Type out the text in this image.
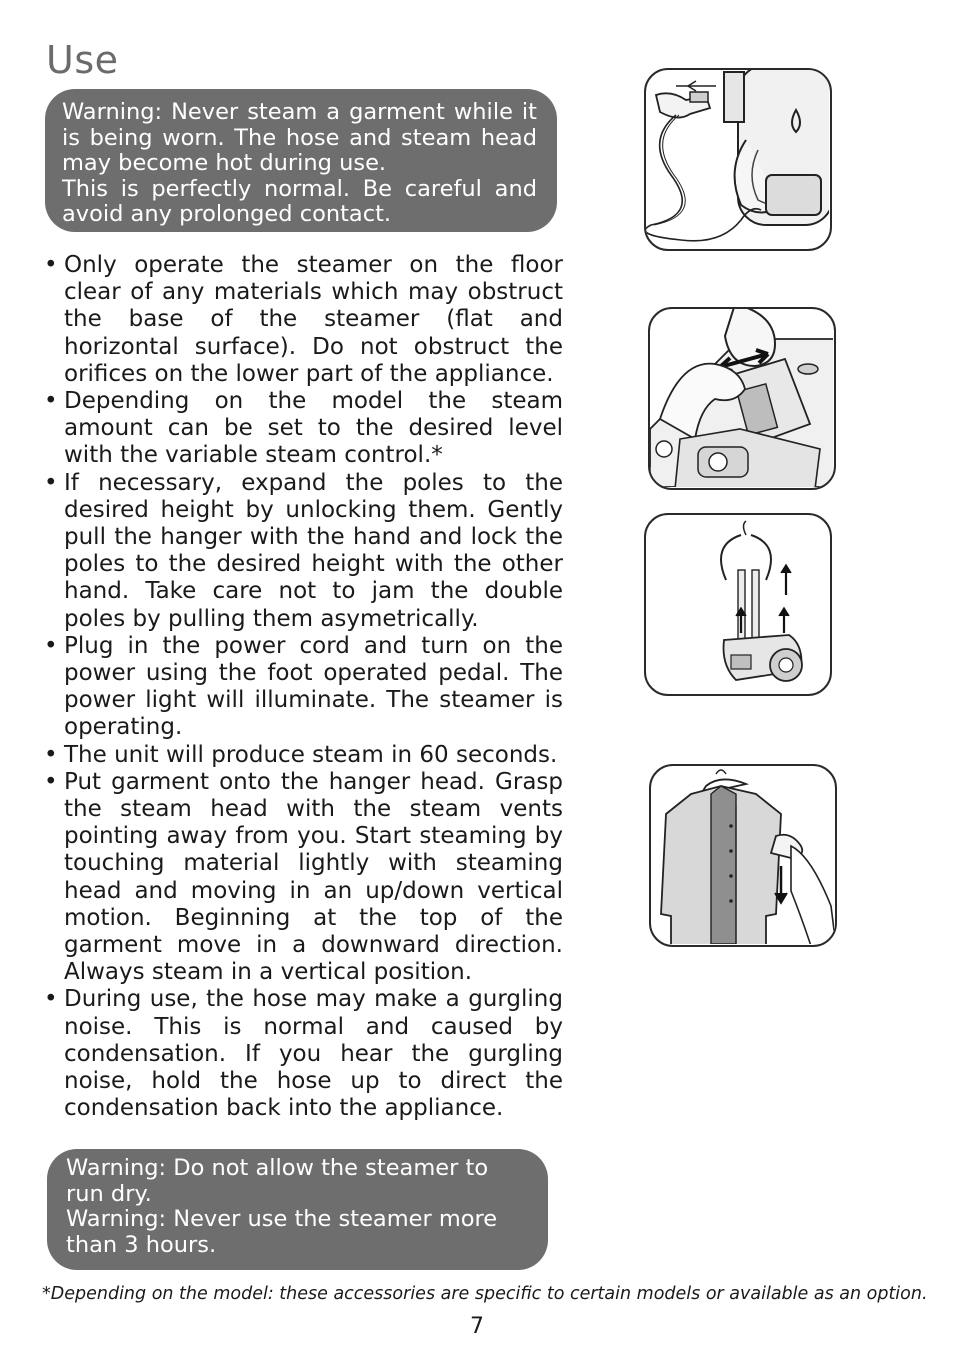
Use

Warning: Never steam a garment while it is being worn. The hose and steam head may become hot during use.

This is perfectly normal. Be careful and avoid any prolonged contact.

• Only operate the steamer on the floor clear of any materials which may obstruct the base of the steamer (flat and horizontal surface). Do not obstruct the orifices on the lower part of the appliance.
• Depending on the model the steam amount can be set to the desired level with the variable steam control.*
• If necessary, expand the poles to the desired height by unlocking them. Gently pull the hanger with the hand and lock the poles to the desired height with the other hand. Take care not to jam the double poles by pulling them asymetrically.
• Plug in the power cord and turn on the power using the foot operated pedal. The power light will illuminate. The steamer is operating.
• The unit will produce steam in 60 seconds.
• Put garment onto the hanger head. Grasp the steam head with the steam vents pointing away from you. Start steaming by touching material lightly with steaming head and moving in an up/down vertical motion. Beginning at the top of the garment move in a downward direction. Always steam in a vertical position.
• During use, the hose may make a gurgling noise. This is normal and caused by condensation. If you hear the gurgling noise, hold the hose up to direct the condensation back into the appliance.

Warning: Do not allow the steamer to run dry.

Warning: Never use the steamer more than 3 hours.

*Depending on the model: these accessories are specific to certain models or available as an option.
7
